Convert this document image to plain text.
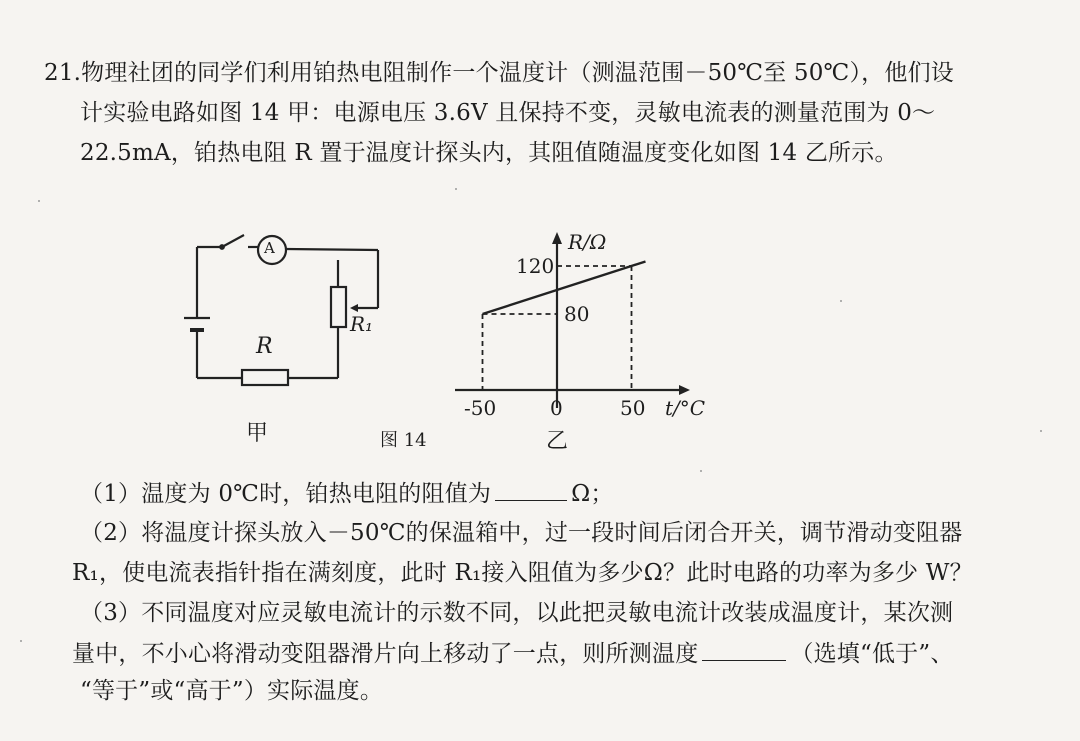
21.物理社团的同学们利用铂热电阻制作一个温度计（测温范围－50℃至 50℃），他们设
计实验电路如图 14 甲：电源电压 3.6V 且保持不变，灵敏电流表的测量范围为 0～
22.5mA，铂热电阻 R 置于温度计探头内，其阻值随温度变化如图 14 乙所示。
R
A
R₁
甲	图 14
R/Ω
120
80
-50	0	50 t/°C
乙
（1）温度为 0℃时，铂热电阻的阻值为	Ω；
（2）将温度计探头放入－50℃的保温箱中，过一段时间后闭合开关，调节滑动变阻器
R₁，使电流表指针指在满刻度，此时 R₁接入阻值为多少Ω？此时电路的功率为多少 W？
（3）不同温度对应灵敏电流计的示数不同，以此把灵敏电流计改装成温度计，某次测
量中，不小心将滑动变阻器滑片向上移动了一点，则所测温度	（选填“低于”、
“等于”或“高于”）实际温度。
